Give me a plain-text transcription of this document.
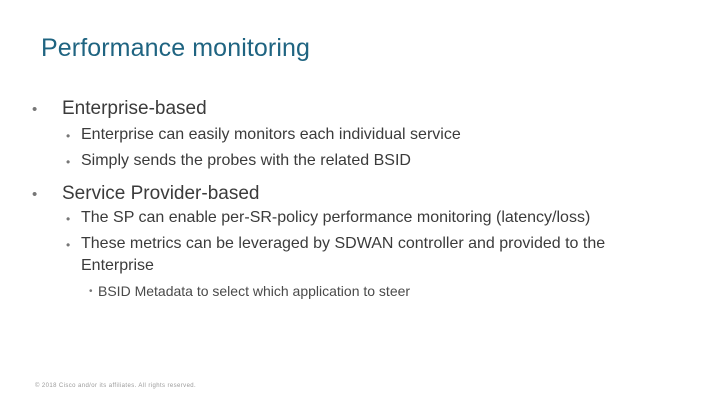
Performance monitoring
• Enterprise-based
• Enterprise can easily monitors each individual service
• Simply sends the probes with the related BSID
• Service Provider-based
• The SP can enable per-SR-policy performance monitoring (latency/loss)
• These metrics can be leveraged by SDWAN controller and provided to the
Enterprise
• BSID Metadata to select which application to steer
© 2018 Cisco and/or its affiliates. All rights reserved.
